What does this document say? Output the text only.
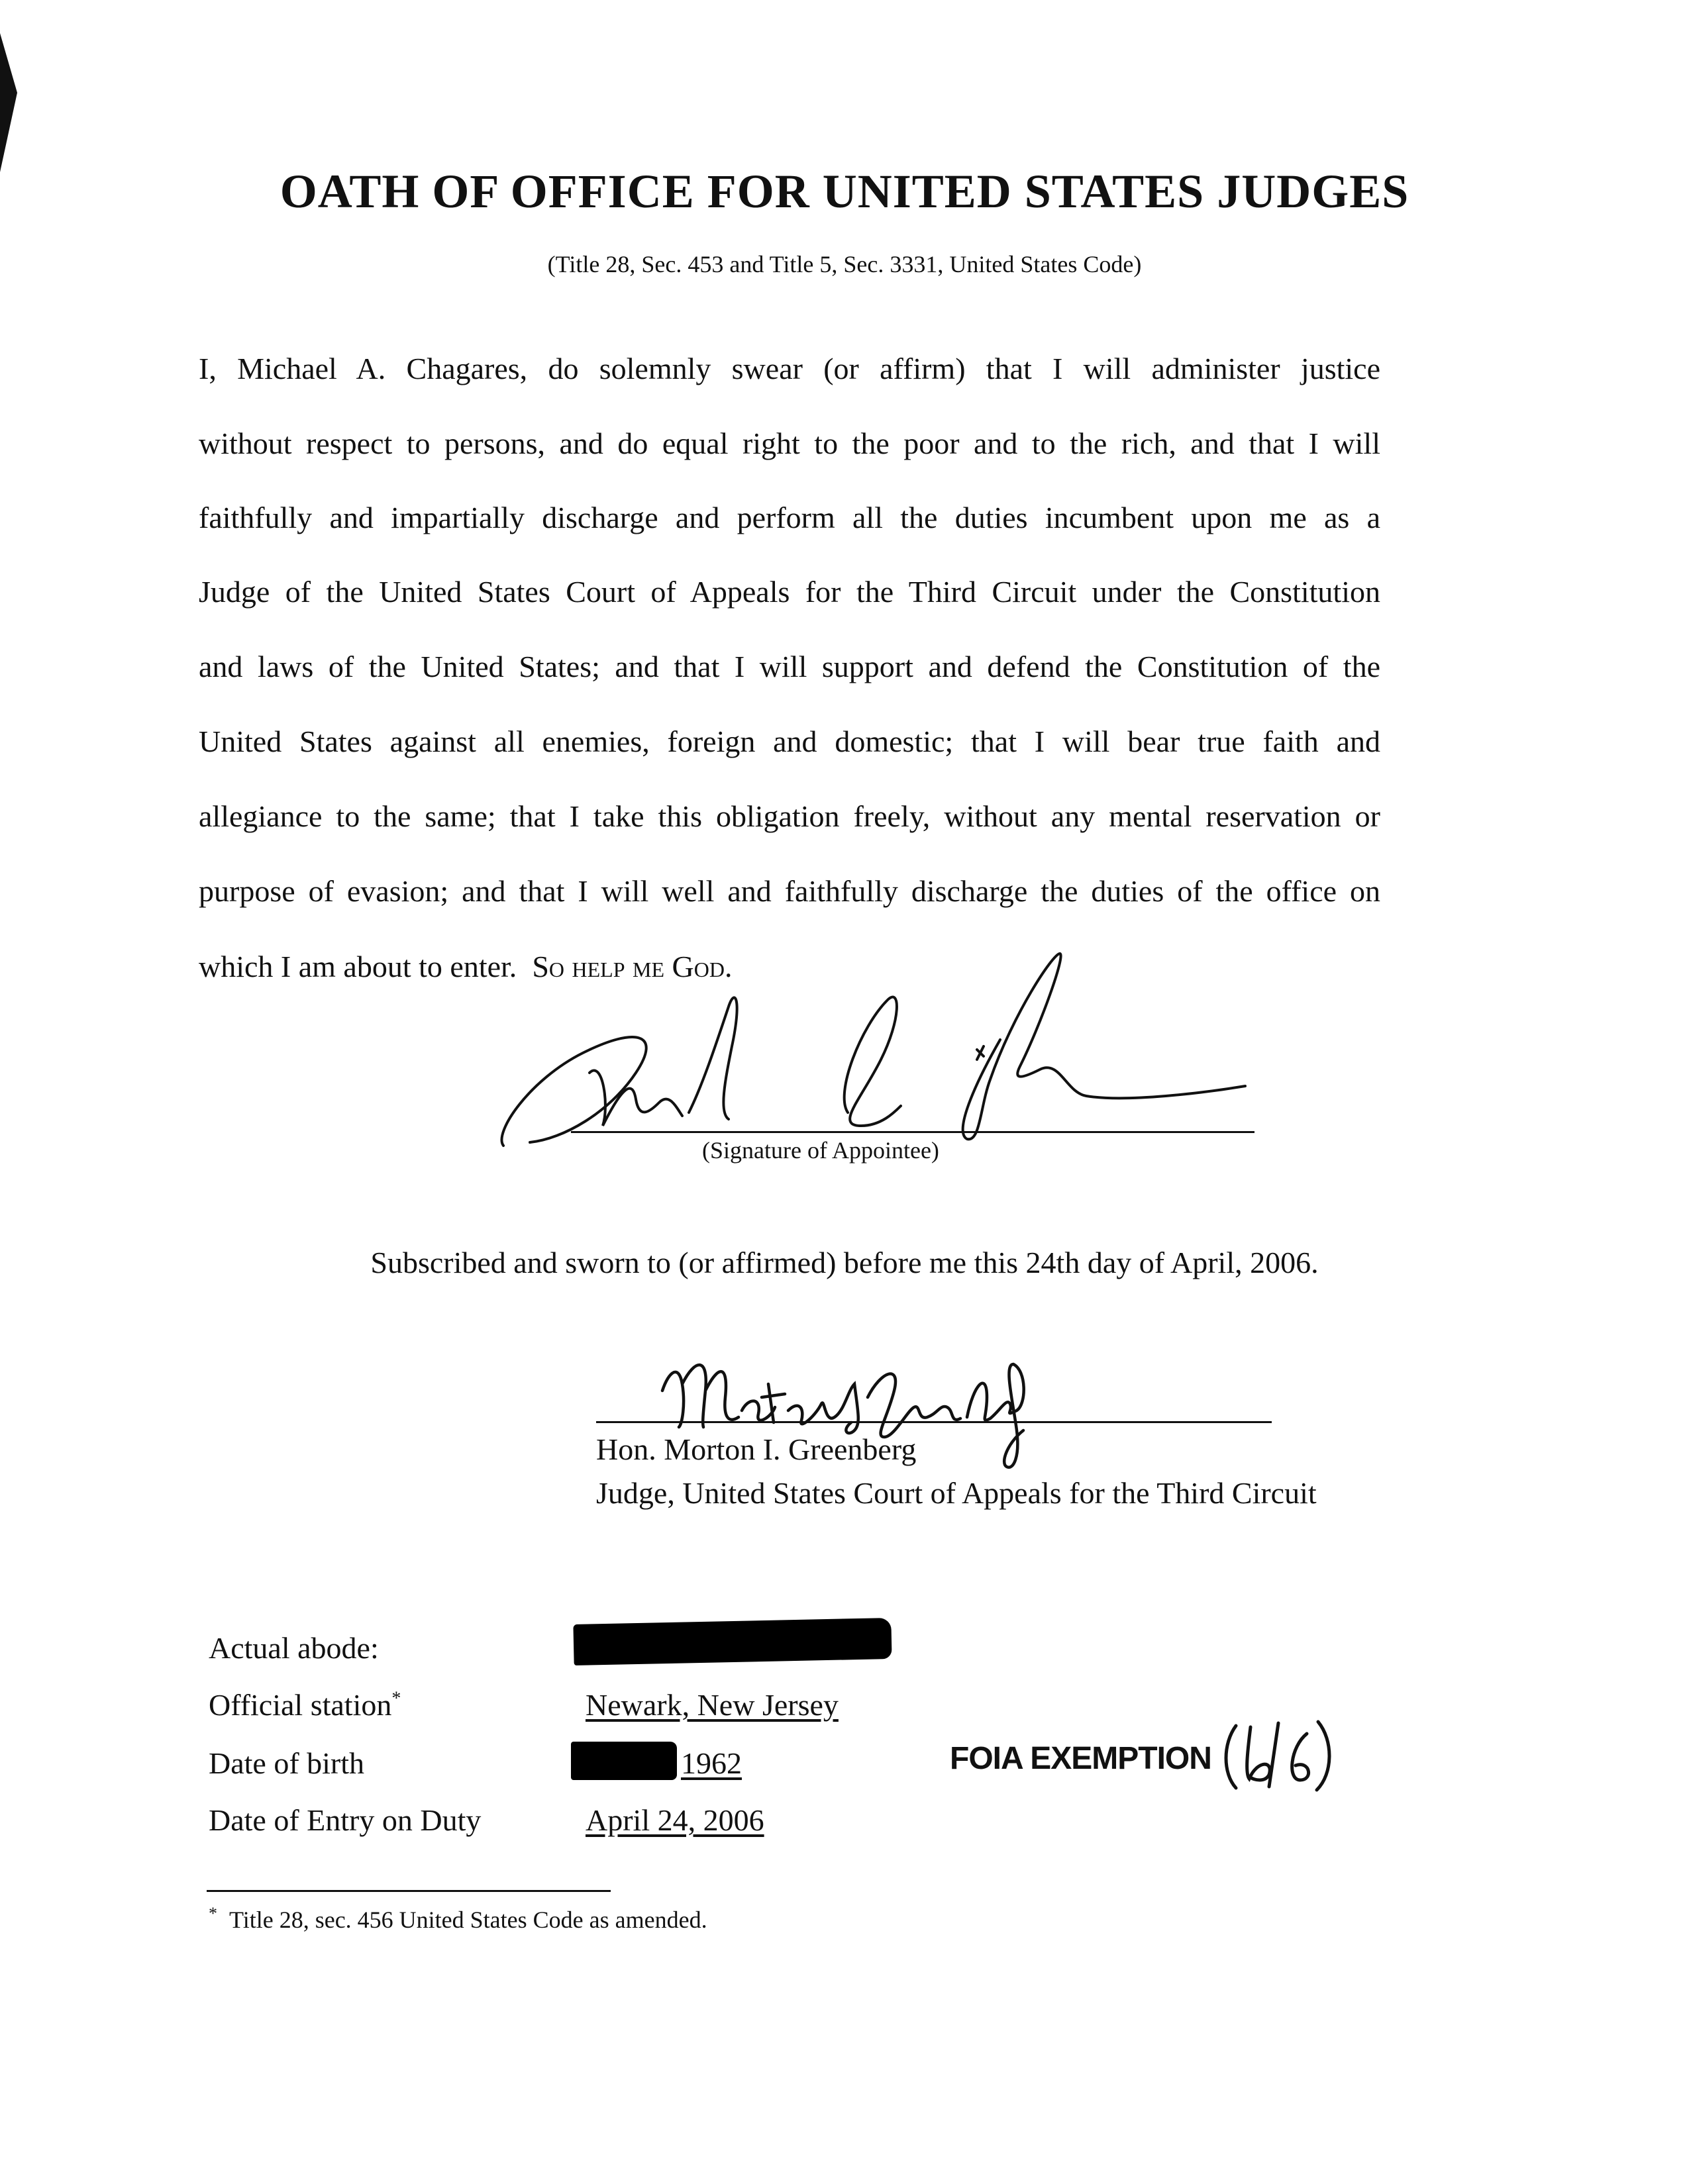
OATH OF OFFICE FOR UNITED STATES JUDGES
(Title 28, Sec. 453 and Title 5, Sec. 3331, United States Code)
I, Michael A. Chagares, do solemnly swear (or affirm) that I will administer justice
without respect to persons, and do equal right to the poor and to the rich, and that I will
faithfully and impartially discharge and perform all the duties incumbent upon me as a
Judge of the United States Court of Appeals for the Third Circuit under the Constitution
and laws of the United States; and that I will support and defend the Constitution of the
United States against all enemies, foreign and domestic; that I will bear true faith and
allegiance to the same; that I take this obligation freely, without any mental reservation or
purpose of evasion; and that I will well and faithfully discharge the duties of the office on
which I am about to enter. So help me God.
(Signature of Appointee)
Subscribed and sworn to (or affirmed) before me this 24th day of April, 2006.
Hon. Morton I. Greenberg
Judge, United States Court of Appeals for the Third Circuit
Actual abode:
Official station*	Newark, New Jersey
Date of birth	1962
Date of Entry on Duty	April 24, 2006
FOIA EXEMPTION
* Title 28, sec. 456 United States Code as amended.
